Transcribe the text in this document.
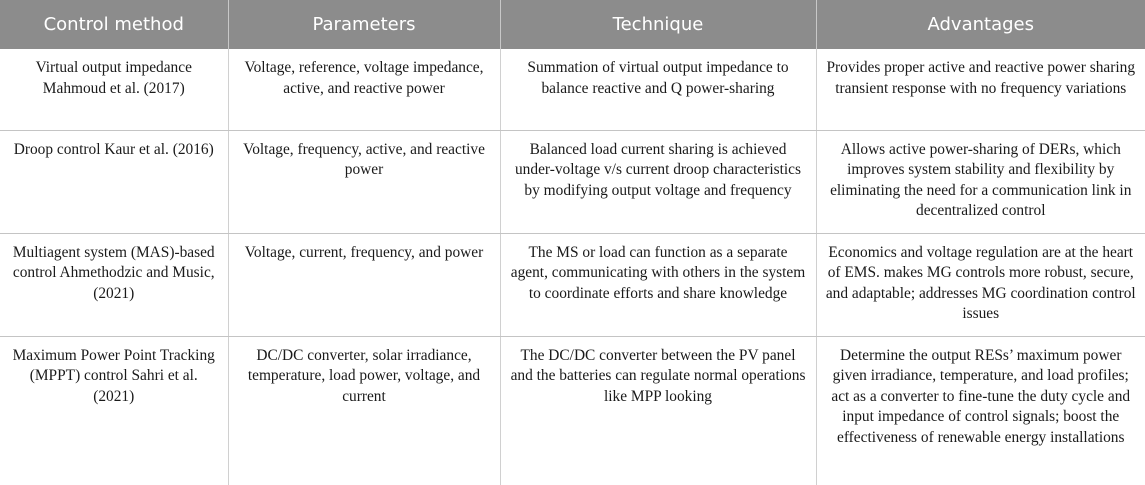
Control method	Parameters	Technique	Advantages
Virtual output impedance Mahmoud et al. (2017)	Voltage, reference, voltage impedance, active, and reactive power	Summation of virtual output impedance to balance reactive and Q power-sharing	Provides proper active and reactive power sharing transient response with no frequency variations
Droop control Kaur et al. (2016)	Voltage, frequency, active, and reactive power	Balanced load current sharing is achieved under-voltage v/s current droop characteristics by modifying output voltage and frequency	Allows active power-sharing of DERs, which improves system stability and flexibility by eliminating the need for a communication link in decentralized control
Multiagent system (MAS)-based control Ahmethodzic and Music, (2021)	Voltage, current, frequency, and power	The MS or load can function as a separate agent, communicating with others in the system to coordinate efforts and share knowledge	Economics and voltage regulation are at the heart of EMS. makes MG controls more robust, secure, and adaptable; addresses MG coordination control issues
Maximum Power Point Tracking (MPPT) control Sahri et al. (2021)	DC/DC converter, solar irradiance, temperature, load power, voltage, and current	The DC/DC converter between the PV panel and the batteries can regulate normal operations like MPP looking	Determine the output RESs’ maximum power given irradiance, temperature, and load profiles; act as a converter to fine-tune the duty cycle and input impedance of control signals; boost the effectiveness of renewable energy installations
